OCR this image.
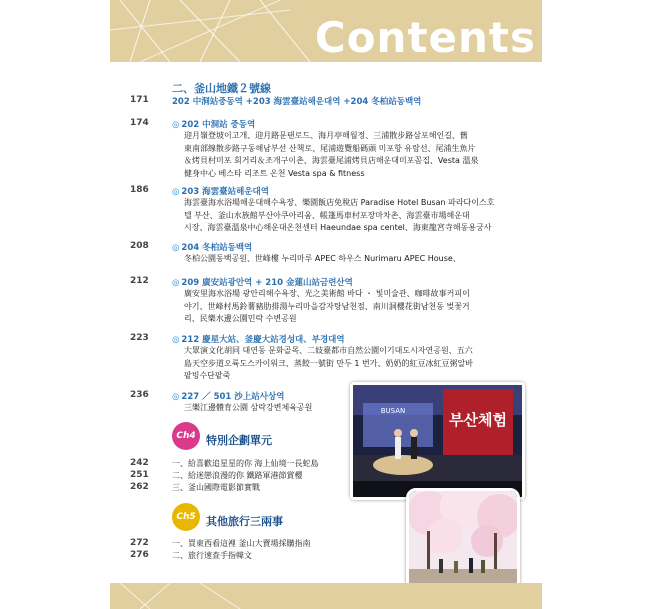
Contents
二、釜山地鐵２號線
171	202 中洞站중동역 +203 海雲臺站해운대역 +204 冬柏站동백역
174	◎ 202 中洞站 중동역
迎月嶺登坡이고개、迎月路문탠로드、海月亭해월정、三浦散步路삼포해인길、舊
東南部線散步路구동해남부선 산책로、尾浦遊覽船碼頭 미포항 유람선、尾浦生魚片
＆烤貝村미포 회거리＆조개구이촌、海雲臺尾浦烤貝店해운대미포꼼집、Vesta 溫泉
健身中心 베스타 리조트 온천 Vesta spa & fitness
186	◎ 203 海雲臺站해운대역
海雲臺海水浴場해운대해수욕장、樂園飯店免稅店 Paradise Hotel Busan 파라다이스호
텔 부산、釜山水族館부산아쿠아리움、帳篷馬車村포장마차촌、海雲臺市場해운대
시장、海雲臺溫泉中心해운대온천센터 Haeundae spa centel、海東龍宮寺해동용궁사
208	◎ 204 冬柏站동백역
冬柏公園동백공원、世峰樓 누리마루 APEC 하우스 Nurimaru APEC House、
212	◎ 209 廣安站광안역 + 210 金蓮山站금련산역
廣安里海水浴場 광안리해수욕장、光之美術館 바다 ・ 빛미술관、咖啡故事커피이
야기、世峰村馬鈴薯豬肋排湯누리마을감자탕남천점、南川洞櫻花街남천동 벚꽃거
리、民樂水邊公園민락 수변공원
223	◎ 212 慶星大站、釜慶大站경성대、부경대역
大眾演文化胡同 대연동 문화골목、二妓臺都市自然公園이기대도시자연공원、五六
島天空步道오륙도스카이워크、蒸餃一號街 만두 1 번가、奶奶的紅豆冰紅豆粥알바
팥빙수단팥죽
236	◎ 227 ／ 501 沙上站사상역
三樂江邊體育公園 삼락강변체육공원
Ch4 特別企劃單元
242	一、給喜歡追星星的你 海上仙境一長蛇島
251	二、給迷戀浪漫的你 鐵路軍港節賞櫻
262	三、釜山國際電影節實戰
Ch5 其他旅行三兩事
272	一、買東西看這裡 釜山大賣場採購指南
276	二、旅行速查手指韓文
부산체험
BUSAN
